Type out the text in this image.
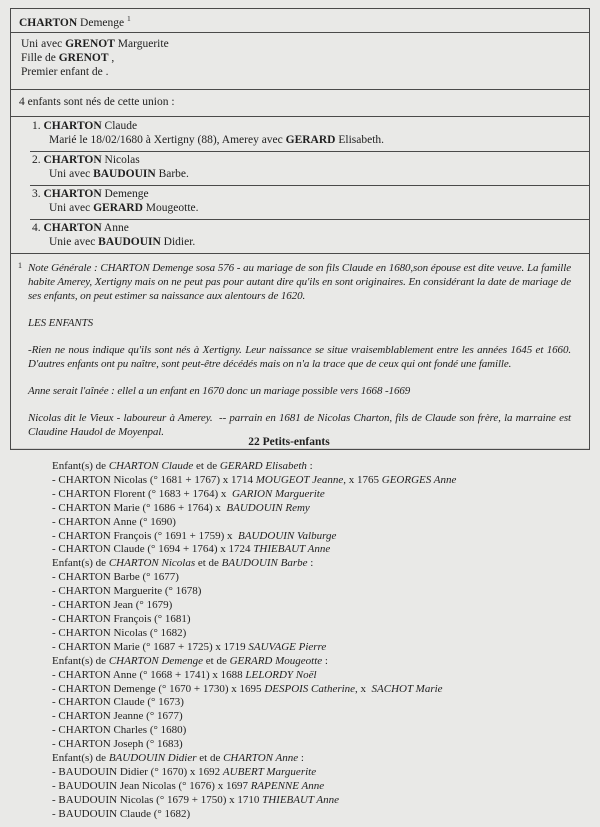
CHARTON Demenge $^1$
Uni avec GRENOT Marguerite
Fille de GRENOT ,
Premier enfant de .
4 enfants sont nés de cette union :
1. CHARTON Claude
Marié le 18/02/1680 à Xertigny (88), Amerey avec GERARD Elisabeth.
2. CHARTON Nicolas
Uni avec BAUDOUIN Barbe.
3. CHARTON Demenge
Uni avec GERARD Mougeotte.
4. CHARTON Anne
Unie avec BAUDOUIN Didier.
1 Note Générale : CHARTON Demenge sosa 576 - au mariage de son fils Claude en 1680,son épouse est dite veuve. La famille habite Amerey, Xertigny mais on ne peut pas pour autant dire qu'ils en sont originaires. En considérant la date de mariage de ses enfants, on peut estimer sa naissance aux alentours de 1620.

LES ENFANTS

-Rien ne nous indique qu'ils sont nés à Xertigny. Leur naissance se situe vraisemblablement entre les années 1645 et 1660. D'autres enfants ont pu naître, sont peut-être décédés mais on n'a la trace que de ceux qui ont fondé une famille.

Anne serait l'aînée : ellel a un enfant en 1670 donc un mariage possible vers 1668 -1669

Nicolas dit le Vieux - laboureur à Amerey.  -- parrain en 1681 de Nicolas Charton, fils de Claude son frère, la marraine est Claudine Haudol de Moyenpal.

22 Petits-enfants
Enfant(s) de CHARTON Claude et de GERARD Elisabeth :
- CHARTON Nicolas (° 1681 + 1767) x 1714 MOUGEOT Jeanne, x 1765 GEORGES Anne
- CHARTON Florent (° 1683 + 1764) x  GARION Marguerite
- CHARTON Marie (° 1686 + 1764) x  BAUDOUIN Remy
- CHARTON Anne (° 1690)
- CHARTON François (° 1691 + 1759) x  BAUDOUIN Valburge
- CHARTON Claude (° 1694 + 1764) x 1724 THIEBAUT Anne
Enfant(s) de CHARTON Nicolas et de BAUDOUIN Barbe :
- CHARTON Barbe (° 1677)
- CHARTON Marguerite (° 1678)
- CHARTON Jean (° 1679)
- CHARTON François (° 1681)
- CHARTON Nicolas (° 1682)
- CHARTON Marie (° 1687 + 1725) x 1719 SAUVAGE Pierre
Enfant(s) de CHARTON Demenge et de GERARD Mougeotte :
- CHARTON Anne (° 1668 + 1741) x 1688 LELORDY Noël
- CHARTON Demenge (° 1670 + 1730) x 1695 DESPOIS Catherine, x  SACHOT Marie
- CHARTON Claude (° 1673)
- CHARTON Jeanne (° 1677)
- CHARTON Charles (° 1680)
- CHARTON Joseph (° 1683)
Enfant(s) de BAUDOUIN Didier et de CHARTON Anne :
- BAUDOUIN Didier (° 1670) x 1692 AUBERT Marguerite
- BAUDOUIN Jean Nicolas (° 1676) x 1697 RAPENNE Anne
- BAUDOUIN Nicolas (° 1679 + 1750) x 1710 THIEBAUT Anne
- BAUDOUIN Claude (° 1682)
